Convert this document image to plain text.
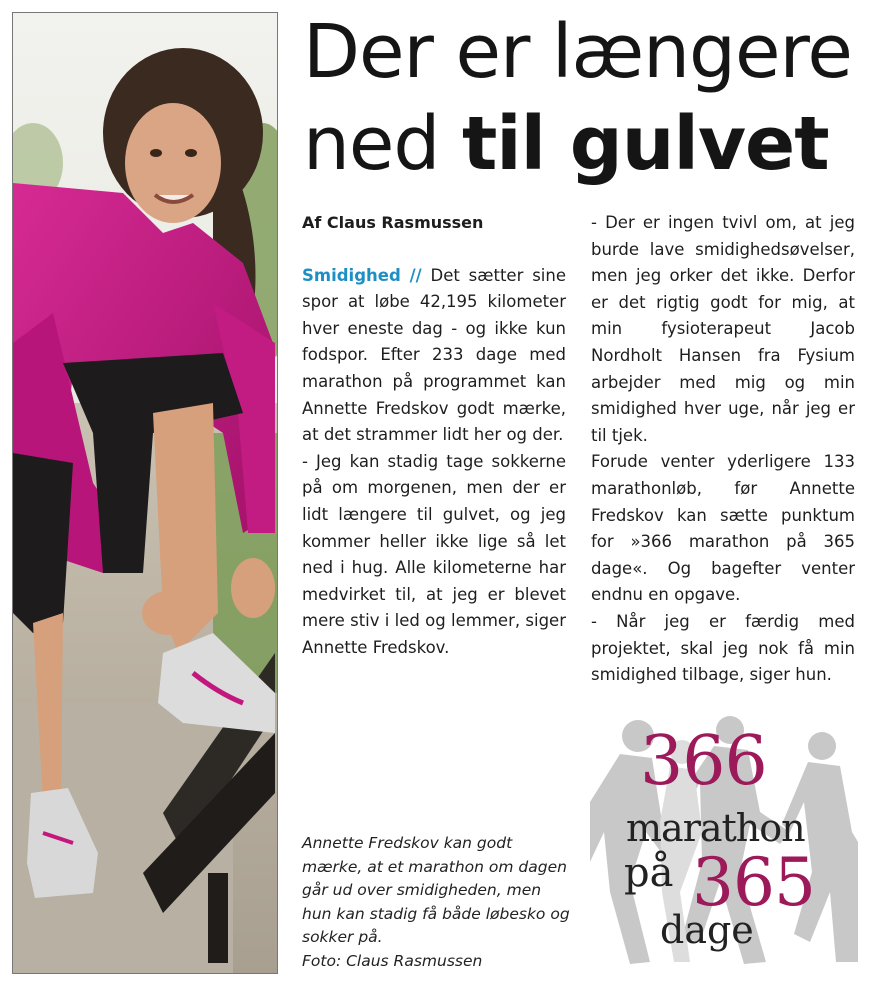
Der er længere
ned til gulvet

Af Claus Rasmussen

Smidighed // Det sætter sine spor at løbe 42,195 kilometer hver eneste dag - og ikke kun fodspor. Efter 233 dage med marathon på programmet kan Annette Fredskov godt mærke, at det strammer lidt her og der.

- Jeg kan stadig tage sokkerne på om morgenen, men der er lidt længere til gulvet, og jeg kommer heller ikke lige så let ned i hug. Alle kilometerne har medvirket til, at jeg er blevet mere stiv i led og lemmer, siger Annette Fredskov.

- Der er ingen tvivl om, at jeg burde lave smidighedsøvelser, men jeg orker det ikke. Derfor er det rigtig godt for mig, at min fysioterapeut Jacob Nordholt Hansen fra Fysium arbejder med mig og min smidighed hver uge, når jeg er til tjek.

Forude venter yderligere 133 marathonløb, før Annette Fredskov kan sætte punktum for »366 marathon på 365 dage«. Og bagefter venter endnu en opgave.

- Når jeg er færdig med projektet, skal jeg nok få min smidighed tilbage, siger hun.

Annette Fredskov kan godt mærke, at et marathon om dagen går ud over smidigheden, men hun kan stadig få både løbesko og sokker på.
Foto: Claus Rasmussen

366
marathon
på 365
dage
